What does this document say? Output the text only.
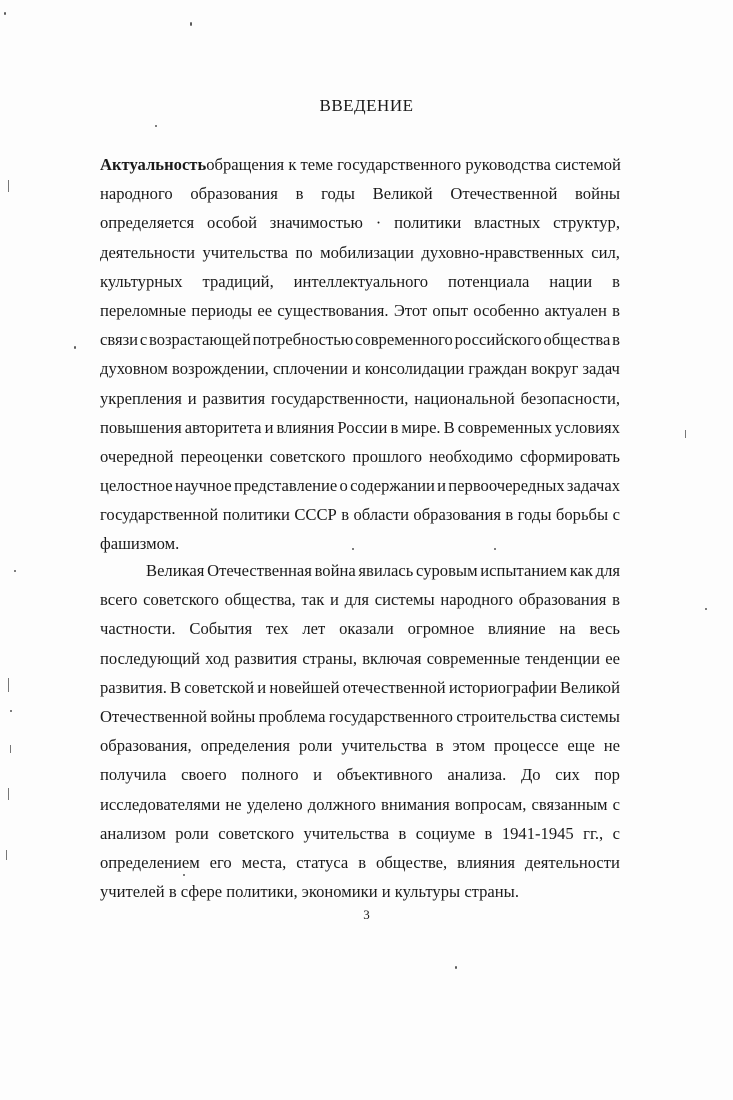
ВВЕДЕНИЕ
Актуальность обращения к теме государственного руководства системой
народного образования в годы Великой Отечественной войны
определяется особой значимостью · политики властных структур,
деятельности учительства по мобилизации духовно-нравственных сил,
культурных традиций, интеллектуального потенциала нации в
переломные периоды ее существования. Этот опыт особенно актуален в
связи с возрастающей потребностью современного российского общества в
духовном возрождении, сплочении и консолидации граждан вокруг задач
укрепления и развития государственности, национальной безопасности,
повышения авторитета и влияния России в мире. В современных условиях
очередной переоценки советского прошлого необходимо сформировать
целостное научное представление о содержании и первоочередных задачах
государственной политики СССР в области образования в годы борьбы с
фашизмом.
Великая Отечественная война явилась суровым испытанием как для
всего советского общества, так и для системы народного образования в
частности. События тех лет оказали огромное влияние на весь
последующий ход развития страны, включая современные тенденции ее
развития. В советской и новейшей отечественной историографии Великой
Отечественной войны проблема государственного строительства системы
образования, определения роли учительства в этом процессе еще не
получила своего полного и объективного анализа. До сих пор
исследователями не уделено должного внимания вопросам, связанным с
анализом роли советского учительства в социуме в 1941-1945 гг., с
определением его места, статуса в обществе, влияния деятельности
учителей в сфере политики, экономики и культуры страны.
3
